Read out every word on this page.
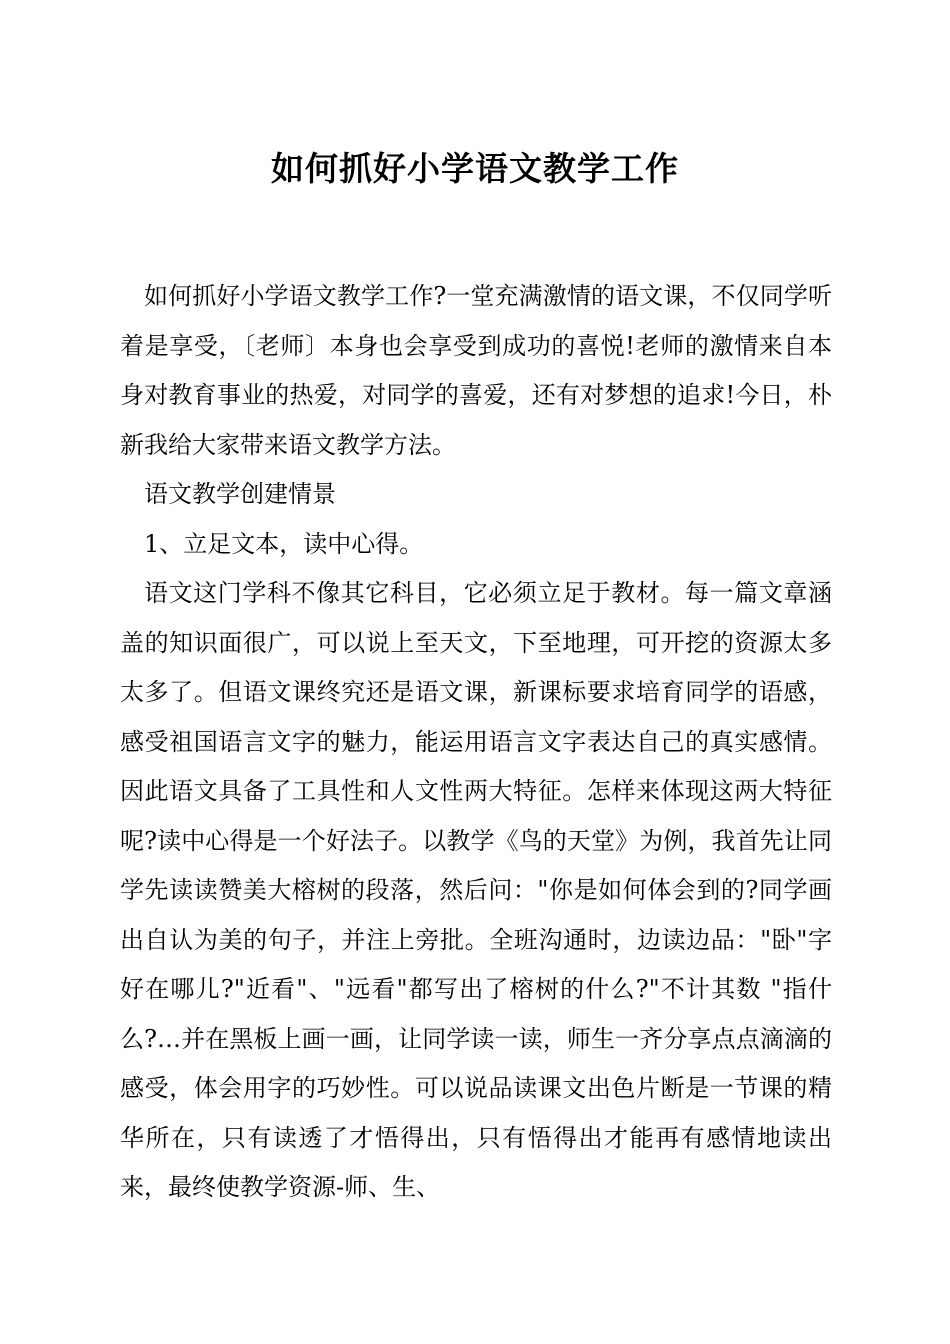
如何抓好小学语文教学工作

如何抓好小学语文教学工作?一堂充满激情的语文课，不仅同学听着是享受，〔老师〕本身也会享受到成功的喜悦!老师的激情来自本身对教育事业的热爱，对同学的喜爱，还有对梦想的追求!今日，朴新我给大家带来语文教学方法。

语文教学创建情景

1、立足文本，读中心得。

语文这门学科不像其它科目，它必须立足于教材。每一篇文章涵盖的知识面很广，可以说上至天文，下至地理，可开挖的资源太多太多了。但语文课终究还是语文课，新课标要求培育同学的语感，感受祖国语言文字的魅力，能运用语言文字表达自己的真实感情。因此语文具备了工具性和人文性两大特征。怎样来体现这两大特征呢?读中心得是一个好法子。以教学《鸟的天堂》为例，我首先让同学先读读赞美大榕树的段落，然后问："你是如何体会到的?同学画出自认为美的句子，并注上旁批。全班沟通时，边读边品："卧"字好在哪儿?"近看"、"远看"都写出了榕树的什么?"不计其数 "指什么?…并在黑板上画一画，让同学读一读，师生一齐分享点点滴滴的感受，体会用字的巧妙性。可以说品读课文出色片断是一节课的精华所在，只有读透了才悟得出，只有悟得出才能再有感情地读出来，最终使教学资源-师、生、
